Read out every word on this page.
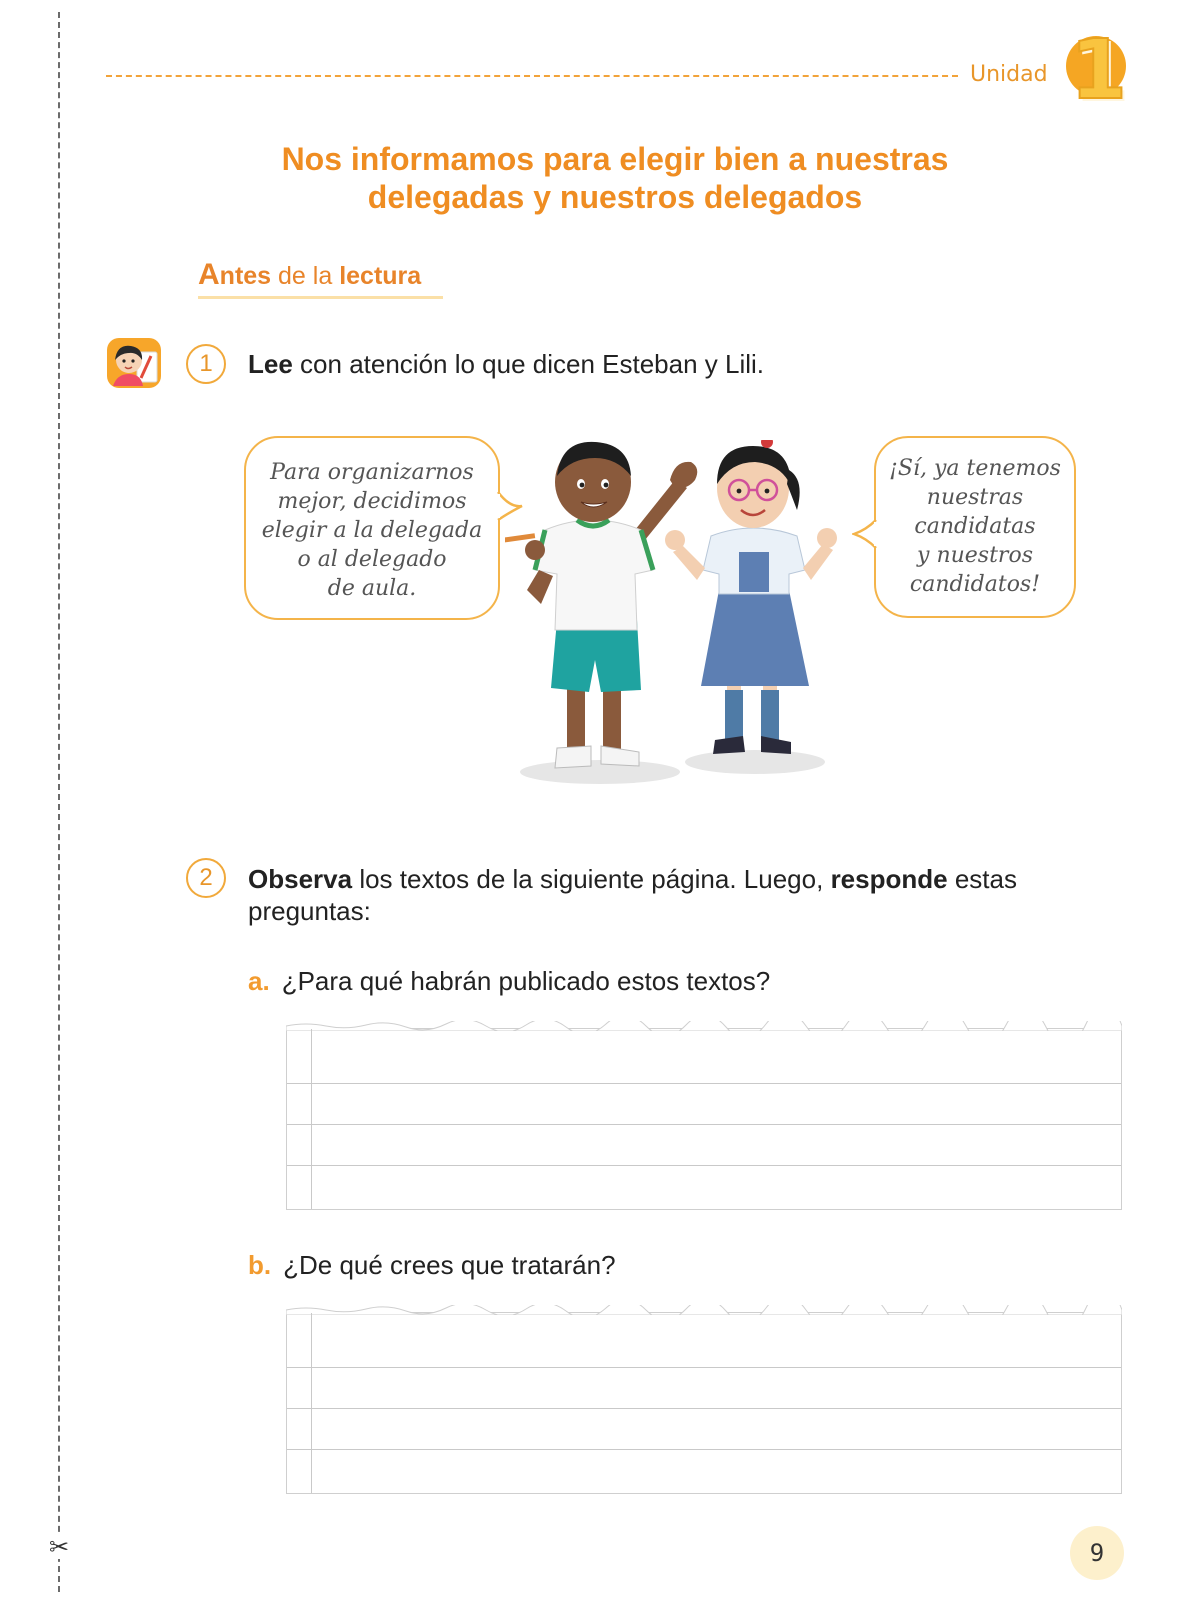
✂
Unidad 1
Nos informamos para elegir bien a nuestras
delegadas y nuestros delegados
Antes de la lectura
1	Lee con atención lo que dicen Esteban y Lili.
Para organizarnos
mejor, decidimos
elegir a la delegada
o al delegado
de aula.
¡Sí, ya tenemos
nuestras
candidatas
y nuestros
candidatos!
2	Observa los textos de la siguiente página. Luego, responde estas
preguntas:
a. ¿Para qué habrán publicado estos textos?
b. ¿De qué crees que tratarán?
9
